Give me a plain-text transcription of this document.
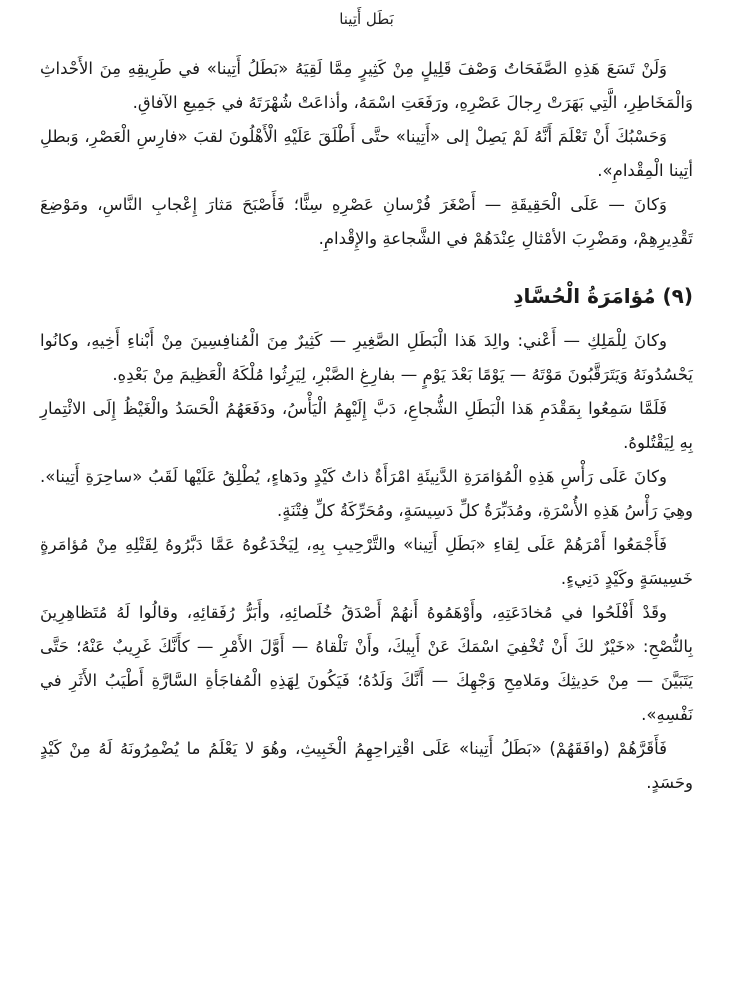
بَطَل أَتِينا

وَلَنْ تَسَعَ هَذِهِ الصَّفَحَاتُ وَصْفَ قَلِيلٍ مِنْ كَثِيرٍ مِمَّا لَقِيَهُ «بَطَلُ أَتِينا» في طَرِيقِهِ مِنَ الأَحْداثِ وَالْمَخَاطِرِ، الَّتِي بَهَرَتْ رِجالَ عَصْرِهِ، ورَفَعَتِ اسْمَهُ، وأذاعَتْ شُهْرَتَهُ في جَمِيعِ الآفاقِ.

وَحَسْبُكَ أَنْ تَعْلَمَ أَنَّهُ لَمْ يَصِلْ إلى «أَتِينا» حتَّى أَطْلَقَ عَلَيْهِ الْأَهْلُونَ لقبَ «فارِسِ الْعَصْرِ، وَبطلِ أتِينا الْمِقْدامِ».

وَكانَ — عَلَى الْحَقِيقَةِ — أَصْغَرَ فُرْسانِ عَصْرِهِ سِنًّا؛ فَأَصْبَحَ مَثارَ إِعْجابِ النَّاسِ، ومَوْضِعَ تَقْدِيرِهِمْ، ومَضْرِبَ الأمْثالِ عِنْدَهُمْ في الشَّجاعةِ والإِقْدامِ.

(٩) مُؤامَرَةُ الْحُسَّادِ

وكانَ لِلْمَلِكِ — أَعْني: والِدَ هَذا الْبَطَلِ الصَّغِيرِ — كَثِيرٌ مِنَ الْمُنافِسِينَ مِنْ أَبْناءِ أَخِيهِ، وكانُوا يَحْسُدُونَهُ وَيَتَرَقَّبُونَ مَوْتَهُ — يَوْمًا بَعْدَ يَوْمٍ — بفارِغِ الصَّبْرِ، لِيَرِثُوا مُلْكَهُ الْعَظِيمَ مِنْ بَعْدِهِ.

فَلَمَّا سَمِعُوا بِمَقْدَمِ هَذا الْبَطَلِ الشُّجاعِ، دَبَّ إِلَيْهِمُ الْيَأْسُ، ودَفَعَهُمُ الْحَسَدُ والْغَيْظُ إِلَى الائْتِمارِ بِهِ لِيَقْتُلوهُ.

وكانَ عَلَى رَأْسِ هَذِهِ الْمُؤامَرَةِ الدَّنِيئَةِ امْرَأَةٌ ذاتُ كَيْدٍ ودَهاءٍ، يُطْلِقُ عَلَيْها لَقَبُ «ساحِرَةِ أَتِينا». وهِيَ رَأْسُ هَذِهِ الأُسْرَةِ، ومُدَبِّرَةُ كلِّ دَسِيسَةٍ، ومُحَرِّكَةُ كلِّ فِتْنَةٍ.

فَأَجْمَعُوا أَمْرَهُمْ عَلَى لِقاءِ «بَطَلِ أَتِينا» والتَّرْحِيبِ بِهِ، لِيَخْدَعُوهُ عَمَّا دَبَّرُوهُ لِقَتْلِهِ مِنْ مُؤامَرةٍ خَسِيسَةٍ وكَيْدٍ دَنِيءٍ.

وقَدْ أَفْلَحُوا في مُخادَعَتِهِ، وأَوْهَمُوهُ أَنهُمْ أَصْدَقُ خُلَصائِهِ، وأَبَرُّ رُفَقائِهِ، وقالُوا لَهُ مُتَظاهِرِينَ بِالنُّصْحِ: «خَيْرٌ لكَ أَنْ تُخْفِيَ اسْمَكَ عَنْ أَبِيكَ، وأَنْ تَلْقاهُ — أَوَّلَ الأَمْرِ — كأَنَّكَ غَرِيبٌ عَنْهُ؛ حَتَّى يَتَبَيَّنَ — مِنْ حَدِيثِكَ ومَلامِحِ وَجْهِكَ — أَنَّكَ وَلَدُهُ؛ فَيَكُونَ لِهَذِهِ الْمُفاجَأةِ السَّارَّةِ أَطْيَبُ الأَثَرِ في نَفْسِهِ».

فَأَقَرَّهُمْ (وافَقَهُمْ) «بَطَلُ أَتِينا» عَلَى اقْتِراحِهِمُ الْخَبِيثِ، وهُوَ لا يَعْلَمُ ما يُضْمِرُونَهُ لَهُ مِنْ كَيْدٍ وحَسَدٍ.
